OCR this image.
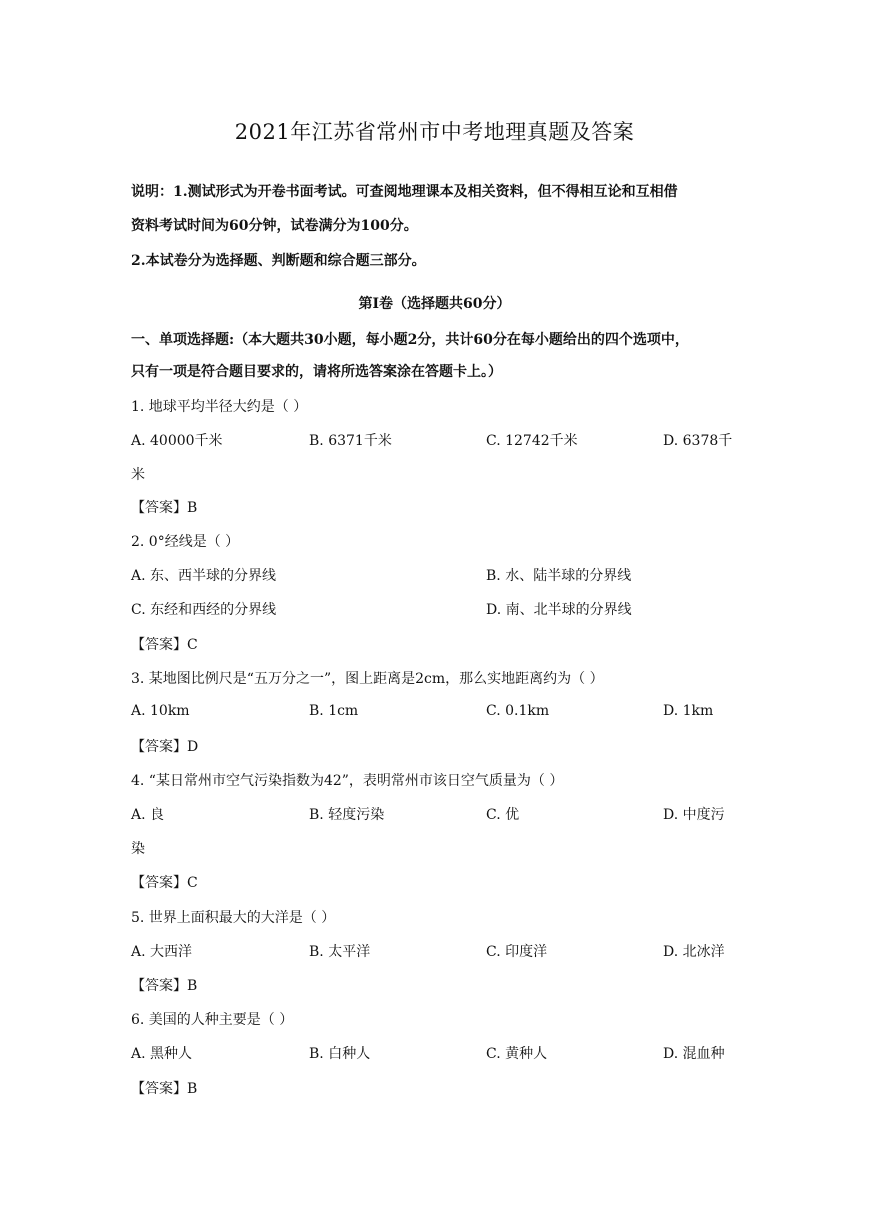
2021年江苏省常州市中考地理真题及答案
说明：1.测试形式为开卷书面考试。可查阅地理课本及相关资料，但不得相互论和互相借
资料考试时间为60分钟，试卷满分为100分。
2.本试卷分为选择题、判断题和综合题三部分。
第Ⅰ卷（选择题共60分）
一、单项选择题:（本大题共30小题，每小题2分，共计60分在每小题给出的四个选项中，
只有一项是符合题目要求的，请将所选答案涂在答题卡上。）
1. 地球平均半径大约是（ ）
A. 40000千米	B. 6371千米	C. 12742千米	D. 6378千
米
【答案】B
2. 0°经线是（ ）
A. 东、西半球的分界线	B. 水、陆半球的分界线
C. 东经和西经的分界线	D. 南、北半球的分界线
【答案】C
3. 某地图比例尺是“五万分之一”，图上距离是2cm，那么实地距离约为（ ）
A. 10km	B. 1cm	C. 0.1km	D. 1km
【答案】D
4. “某日常州市空气污染指数为42”，表明常州市该日空气质量为（ ）
A. 良	B. 轻度污染	C. 优	D. 中度污
染
【答案】C
5. 世界上面积最大的大洋是（ ）
A. 大西洋	B. 太平洋	C. 印度洋	D. 北冰洋
【答案】B
6. 美国的人种主要是（ ）
A. 黑种人	B. 白种人	C. 黄种人	D. 混血种
【答案】B
